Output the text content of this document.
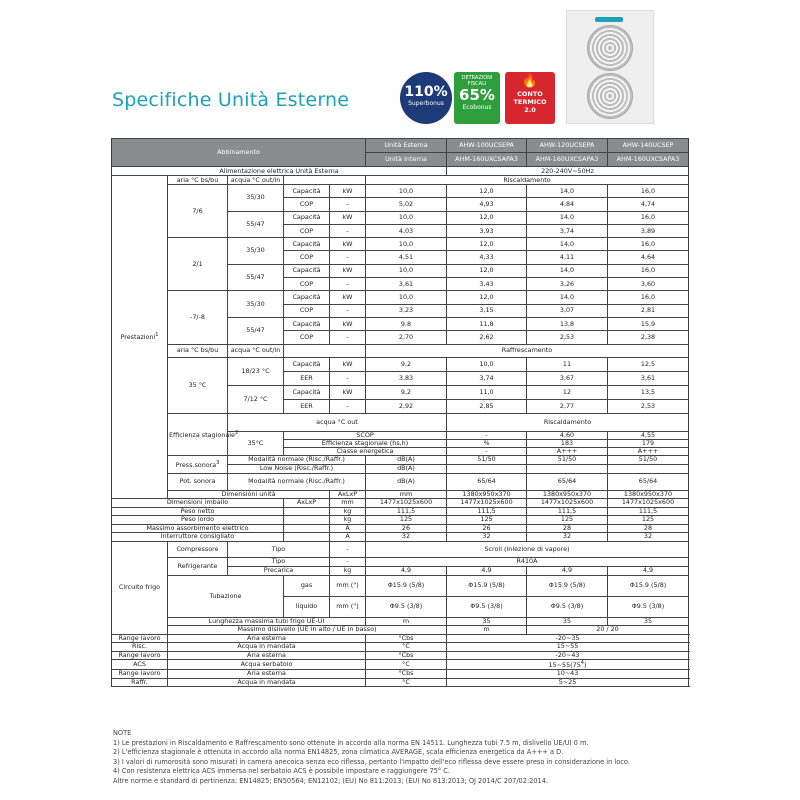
Specifiche Unità Esterne	110%
Superbonus
DETRAZIONI FISCALI
65%
Ecobonus
🔥
CONTO
TERMICO
2.0
Abbinamento					Unità Esterna	AHW-100UCSEPA	AHW-120UCSEPA	AHW-140UCSEP	
					Unità Interna	AHM-160UXCSAPA3	AHM-160UXCSAPA3	AHM-160UXCSAPA3	
Alimentazione elettrica Unità Esterna						220-240V~50Hz			
Prestazioni$^1$	aria °C bs/bu	acqua °C out/in			Riscaldamento				
	7/6	35/30	Capacità	kW	10,0	12,0	14,0	16,0	
			COP	-	5,02	4,93	4,84	4,74	
		55/47	Capacità	kW	10,0	12,0	14,0	16,0	
			COP	-	4,03	3,93	3,74	3,89	
	2/1	35/30	Capacità	kW	10,0	12,0	14,0	16,0	
			COP	-	4,51	4,33	4,11	4,64	
		55/47	Capacità	kW	10,0	12,0	14,0	16,0	
			COP	-	3,61	3,43	3,26	3,60	
	-7/-8	35/30	Capacità	kW	10,0	12,0	14,0	16,0	
			COP	-	3,23	3,15	3,07	2,81	
		55/47	Capacità	kW	9,8	11,8	13,8	15,9	
			COP	-	2,70	2,62	2,53	2,38	
	aria °C bs/bu	acqua °C out/in			Raffrescamento				
	35 °C	18/23 °C	Capacità	kW	9,2	10,0	11	12,5	
			EER	-	3,83	3,74	3,67	3,61	
		7/12 °C	Capacità	kW	9,2	11,0	12	13,5	
			EER	-	2,92	2,85	2,77	2,53	
	Efficienza stagionale$^2$	acqua °C out				Riscaldamento			
		35°C	SCOP			-	4,60	4,55		
			Efficienza stagionale (hs,h)			%	183	179		
			Classe energetica			-	A+++	A+++		
	Press.sonora$^3$	Modalità normale (Risc./Raffr.)			dB(A)	51/50	51/50	51/50	
		Low Noise (Risc./Raffr.)			dB(A)				
	Pot. sonora	Modalità normale (Risc./Raffr.)			dB(A)	65/64	65/64	65/64	
	Dimensioni unità			AxLxP	mm	1380x950x370	1380x950x370	1380x950x370	
Dimensioni imballo			AxLxP	mm	1477x1025x600	1477x1025x600	1477x1025x600	1477x1025x600	
Peso netto				kg	111,5	111,5	111,5	111,5	
Peso lordo				kg	125	125	125	125	
Massimo assorbimento elettrico				A	26	26	28	28	
Interruttore consigliato				A	32	32	32	32	
Circuito frigo	Compressore	Tipo		-	Scroll (iniezione di vapore)				
	Refrigerante	Tipo		-	R410A				
		Precarica		kg	4,9	4,9	4,9	4,9	
	Tubazione		gas	mm (")	Φ15.9 (5/8)	Φ15.9 (5/8)	Φ15.9 (5/8)	Φ15.9 (5/8)	
			liquido	mm (")	Φ9.5 (3/8)	Φ9.5 (3/8)	Φ9.5 (3/8)	Φ9.5 (3/8)	
	Lunghezza massima tubi frigo UE-UI				m	35	35	35	
	Massimo dislivello (UE in alto / UE in basso)					m	20 / 20		
Range lavoro	Aria esterna				°Cbs	-20~35			
Risc.	Acqua in mandata				°C	15~55			
Range lavoro	Aria esterna				°Cbs	-20~43			
ACS	Acqua serbatoio				°C	$15\sim 55(75^4)$			
Range lavoro	Aria esterna				°Cbs	10~43			
Raffr.	Acqua in mandata				°C	5~25			
NOTE
1) Le prestazioni in Riscaldamento e Raffrescamento sono ottenute in accordo alla norma EN 14511. Lunghezza tubi 7.5 m, dislivello UE/UI 0 m.
2) L'efficienza stagionale è ottenuta in accordo alla norma EN14825, zona climatica AVERAGE, scala efficienza energetica da A+++ a D.
3) I valori di rumorosità sono misurati in camera anecoica senza eco riflessa, pertanto l'impatto dell'eco riflessa deve essere preso in considerazione in loco.
4) Con resistenza elettrica ACS immersa nel serbatoio ACS è possibile impostare e raggiungere 75° C.
Altre norme e standard di pertinenza: EN14825; EN50564; EN12102; (EU) No 811:2013; (EU) No 813:2013; OJ 2014/C 207/02:2014.
